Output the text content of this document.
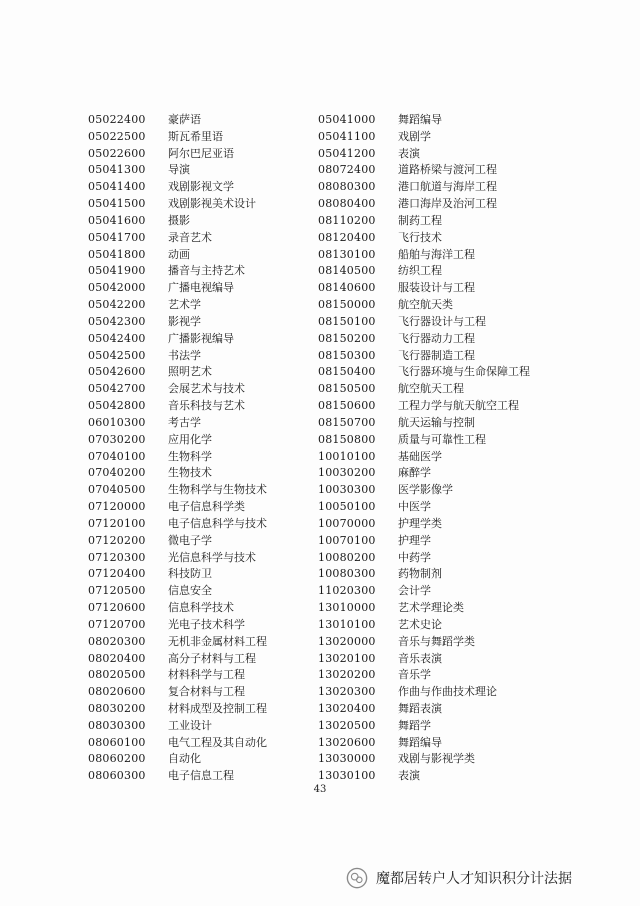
05022400	豪萨语
05022500	斯瓦希里语
05022600	阿尔巴尼亚语
05041300	导演
05041400	戏剧影视文学
05041500	戏剧影视美术设计
05041600	摄影
05041700	录音艺术
05041800	动画
05041900	播音与主持艺术
05042000	广播电视编导
05042200	艺术学
05042300	影视学
05042400	广播影视编导
05042500	书法学
05042600	照明艺术
05042700	会展艺术与技术
05042800	音乐科技与艺术
06010300	考古学
07030200	应用化学
07040100	生物科学
07040200	生物技术
07040500	生物科学与生物技术
07120000	电子信息科学类
07120100	电子信息科学与技术
07120200	微电子学
07120300	光信息科学与技术
07120400	科技防卫
07120500	信息安全
07120600	信息科学技术
07120700	光电子技术科学
08020300	无机非金属材料工程
08020400	高分子材料与工程
08020500	材料科学与工程
08020600	复合材料与工程
08030200	材料成型及控制工程
08030300	工业设计
08060100	电气工程及其自动化
08060200	自动化
08060300	电子信息工程
05041000	舞蹈编导
05041100	戏剧学
05041200	表演
08072400	道路桥梁与渡河工程
08080300	港口航道与海岸工程
08080400	港口海岸及治河工程
08110200	制药工程
08120400	飞行技术
08130100	船舶与海洋工程
08140500	纺织工程
08140600	服装设计与工程
08150000	航空航天类
08150100	飞行器设计与工程
08150200	飞行器动力工程
08150300	飞行器制造工程
08150400	飞行器环境与生命保障工程
08150500	航空航天工程
08150600	工程力学与航天航空工程
08150700	航天运输与控制
08150800	质量与可靠性工程
10010100	基础医学
10030200	麻醉学
10030300	医学影像学
10050100	中医学
10070000	护理学类
10070100	护理学
10080200	中药学
10080300	药物制剂
11020300	会计学
13010000	艺术学理论类
13010100	艺术史论
13020000	音乐与舞蹈学类
13020100	音乐表演
13020200	音乐学
13020300	作曲与作曲技术理论
13020400	舞蹈表演
13020500	舞蹈学
13020600	舞蹈编导
13030000	戏剧与影视学类
13030100	表演
43
魔都居转户人才知识积分计法据
